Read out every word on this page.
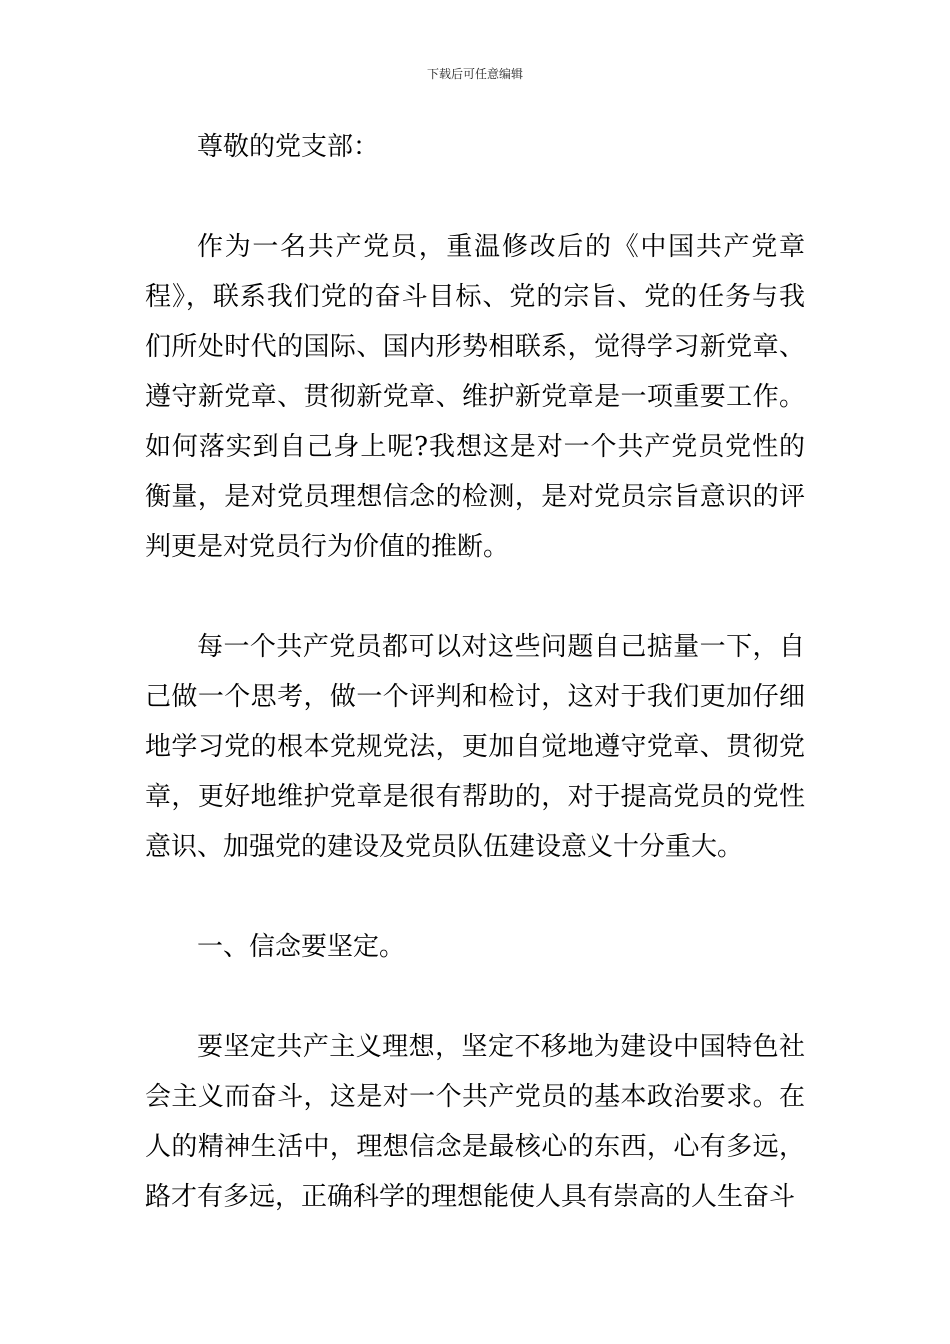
下载后可任意编辑

尊敬的党支部：

作为一名共产党员，重温修改后的《中国共产党章程》，联系我们党的奋斗目标、党的宗旨、党的任务与我们所处时代的国际、国内形势相联系，觉得学习新党章、遵守新党章、贯彻新党章、维护新党章是一项重要工作。如何落实到自己身上呢?我想这是对一个共产党员党性的衡量，是对党员理想信念的检测，是对党员宗旨意识的评判更是对党员行为价值的推断。

每一个共产党员都可以对这些问题自己掂量一下，自己做一个思考，做一个评判和检讨，这对于我们更加仔细地学习党的根本党规党法，更加自觉地遵守党章、贯彻党章，更好地维护党章是很有帮助的，对于提高党员的党性意识、加强党的建设及党员队伍建设意义十分重大。

一、信念要坚定。

要坚定共产主义理想，坚定不移地为建设中国特色社会主义而奋斗，这是对一个共产党员的基本政治要求。在人的精神生活中，理想信念是最核心的东西，心有多远，路才有多远，正确科学的理想能使人具有崇高的人生奋斗
